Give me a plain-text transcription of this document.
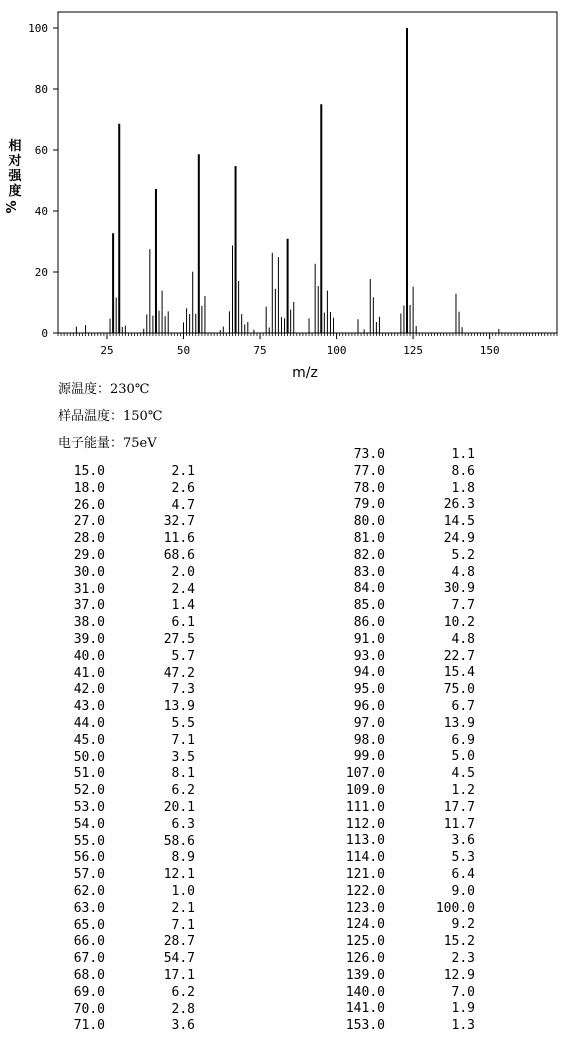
25	50	75	100	125	150
0
20
40
60
80
100
m/z
相对强度
%
源温度：230℃
样品温度：150℃
电子能量：75eV
15.0	2.1
18.0	2.6
26.0	4.7
27.0	32.7
28.0	11.6
29.0	68.6
30.0	2.0
31.0	2.4
37.0	1.4
38.0	6.1
39.0	27.5
40.0	5.7
41.0	47.2
42.0	7.3
43.0	13.9
44.0	5.5
45.0	7.1
50.0	3.5
51.0	8.1
52.0	6.2
53.0	20.1
54.0	6.3
55.0	58.6
56.0	8.9
57.0	12.1
62.0	1.0
63.0	2.1
65.0	7.1
66.0	28.7
67.0	54.7
68.0	17.1
69.0	6.2
70.0	2.8
71.0	3.6
73.0	1.1
77.0	8.6
78.0	1.8
79.0	26.3
80.0	14.5
81.0	24.9
82.0	5.2
83.0	4.8
84.0	30.9
85.0	7.7
86.0	10.2
91.0	4.8
93.0	22.7
94.0	15.4
95.0	75.0
96.0	6.7
97.0	13.9
98.0	6.9
99.0	5.0
107.0	4.5
109.0	1.2
111.0	17.7
112.0	11.7
113.0	3.6
114.0	5.3
121.0	6.4
122.0	9.0
123.0	100.0
124.0	9.2
125.0	15.2
126.0	2.3
139.0	12.9
140.0	7.0
141.0	1.9
153.0	1.3
